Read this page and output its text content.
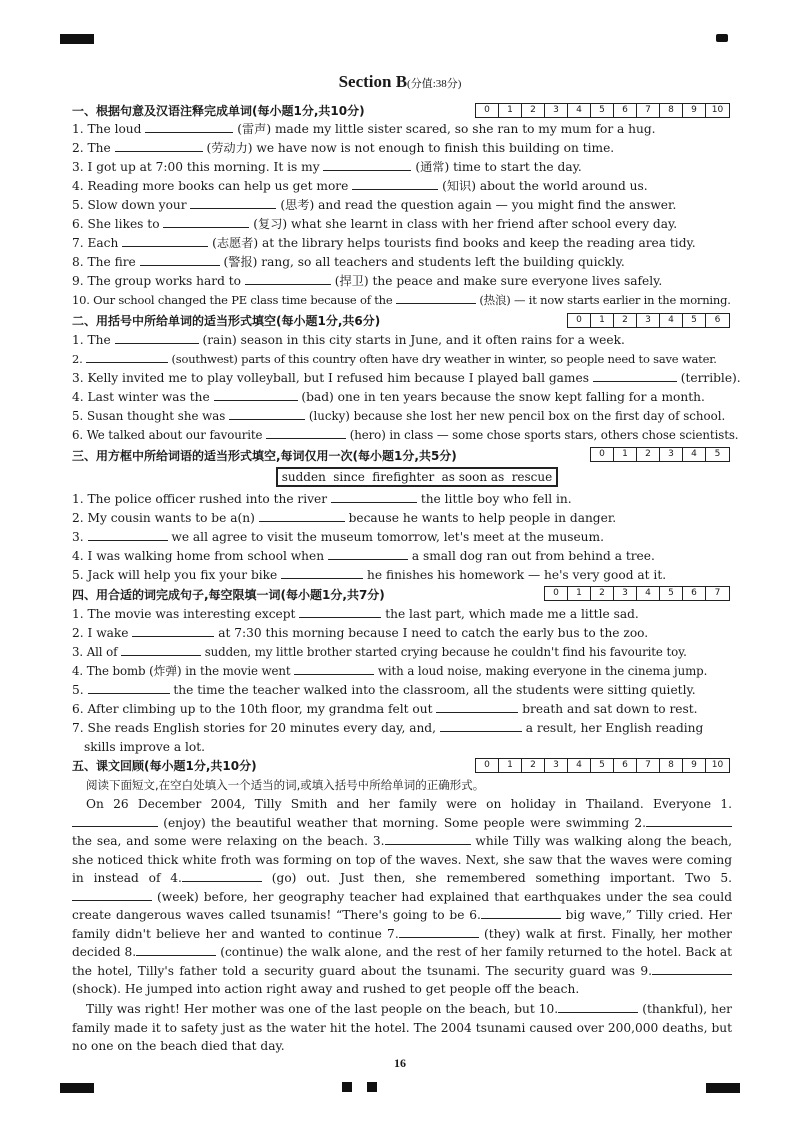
Section B(分值:38分)
一、根据句意及汉语注释完成单词(每小题1分,共10分)	0	1	2	3	4	5	6	7	8	9	10
1. The loud	(雷声) made my little sister scared, so she ran to my mum for a hug.
2. The	(劳动力) we have now is not enough to finish this building on time.
3. I got up at 7:00 this morning. It is my	(通常) time to start the day.
4. Reading more books can help us get more	(知识) about the world around us.
5. Slow down your	(思考) and read the question again — you might find the answer.
6. She likes to	(复习) what she learnt in class with her friend after school every day.
7. Each	(志愿者) at the library helps tourists find books and keep the reading area tidy.
8. The fire	(警报) rang, so all teachers and students left the building quickly.
9. The group works hard to	(捍卫) the peace and make sure everyone lives safely.
10. Our school changed the PE class time because of the	(热浪) — it now starts earlier in the morning.
二、用括号中所给单词的适当形式填空(每小题1分,共6分)	0	1	2	3	4	5	6
1. The	(rain) season in this city starts in June, and it often rains for a week.
2.	(southwest) parts of this country often have dry weather in winter, so people need to save water.
3. Kelly invited me to play volleyball, but I refused him because I played ball games	(terrible).
4. Last winter was the	(bad) one in ten years because the snow kept falling for a month.
5. Susan thought she was	(lucky) because she lost her new pencil box on the first day of school.
6. We talked about our favourite	(hero) in class — some chose sports stars, others chose scientists.
三、用方框中所给词语的适当形式填空,每词仅用一次(每小题1分,共5分)	0	1	2	3	4	5
sudden since firefighter as soon as rescue
1. The police officer rushed into the river	the little boy who fell in.
2. My cousin wants to be a(n)	because he wants to help people in danger.
3.	we all agree to visit the museum tomorrow, let's meet at the museum.
4. I was walking home from school when	a small dog ran out from behind a tree.
5. Jack will help you fix your bike	he finishes his homework — he's very good at it.
四、用合适的词完成句子,每空限填一词(每小题1分,共7分)	0	1	2	3	4	5	6	7
1. The movie was interesting except	the last part, which made me a little sad.
2. I wake	at 7:30 this morning because I need to catch the early bus to the zoo.
3. All of	sudden, my little brother started crying because he couldn't find his favourite toy.
4. The bomb (炸弹) in the movie went	with a loud noise, making everyone in the cinema jump.
5.	the time the teacher walked into the classroom, all the students were sitting quietly.
6. After climbing up to the 10th floor, my grandma felt out	breath and sat down to rest.
7. She reads English stories for 20 minutes every day, and,	a result, her English reading
skills improve a lot.
五、课文回顾(每小题1分,共10分)	0	1	2	3	4	5	6	7	8	9	10
阅读下面短文,在空白处填入一个适当的词,或填入括号中所给单词的正确形式。
On 26 December 2004, Tilly Smith and her family were on holiday in Thailand. Everyone 1. (enjoy) the beautiful weather that morning. Some people were swimming 2. the sea, and some were relaxing on the beach. 3.	while Tilly was walking along the beach, she noticed thick white froth was forming on top of the waves. Next, she saw that the waves were coming in instead of 4.	(go) out. Just then, she remembered something important. Two 5. (week) before, her geography teacher had explained that earthquakes under the sea could create dangerous waves called tsunamis! “There's going to be 6.	big wave,” Tilly cried. Her family didn't believe her and wanted to continue 7.	(they) walk at first. Finally, her mother decided 8.	(continue) the walk alone, and the rest of her family returned to the hotel. Back at the hotel, Tilly's father told a security guard about the tsunami. The security guard was 9. (shock). He jumped into action right away and rushed to get people off the beach.
Tilly was right! Her mother was one of the last people on the beach, but 10.	(thankful), her family made it to safety just as the water hit the hotel. The 2004 tsunami caused over 200,000 deaths, but no one on the beach died that day.
16
